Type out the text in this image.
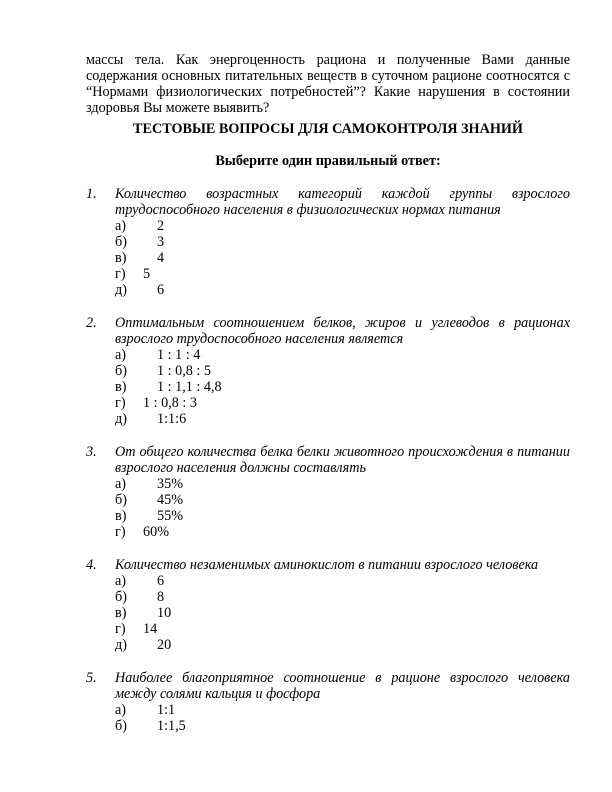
массы тела. Как энергоценность рациона и полученные Вами данные содержания основных питательных веществ в суточном рационе соотносятся с “Нормами физиологических потребностей”? Какие нарушения в состоянии здоровья Вы можете выявить?
ТЕСТОВЫЕ ВОПРОСЫ ДЛЯ САМОКОНТРОЛЯ ЗНАНИЙ
Выберите один правильный ответ:
1.	Количество возрастных категорий каждой группы взрослого трудоспособного населения в физиологических нормах питания
а) 2
б) 3
в) 4
г) 5
д) 6
2.	Оптимальным соотношением белков, жиров и углеводов в рационах взрослого трудоспособного населения является
а) 1 : 1 : 4
б) 1 : 0,8 : 5
в) 1 : 1,1 : 4,8
г) 1 : 0,8 : 3
д) 1:1:6
3.	От общего количества белка белки животного происхождения в питании взрослого населения должны составлять
а) 35%
б) 45%
в) 55%
г) 60%
4.	Количество незаменимых аминокислот в питании взрослого человека
а) 6
б) 8
в) 10
г) 14
д) 20
5.	Наиболее благоприятное соотношение в рационе взрослого человека между солями кальция и фосфора
а) 1:1
б) 1:1,5
